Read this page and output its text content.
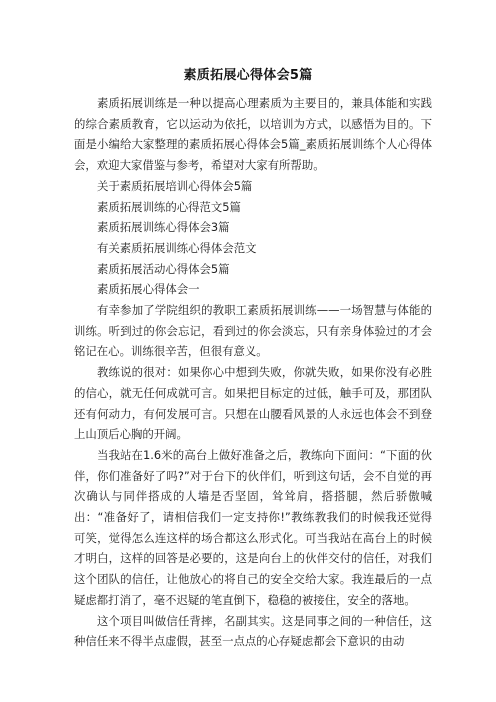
素质拓展心得体会5篇

素质拓展训练是一种以提高心理素质为主要目的，兼具体能和实践的综合素质教育，它以运动为依托，以培训为方式，以感悟为目的。下面是小编给大家整理的素质拓展心得体会5篇_素质拓展训练个人心得体会，欢迎大家借鉴与参考，希望对大家有所帮助。

关于素质拓展培训心得体会5篇
素质拓展训练的心得范文5篇
素质拓展训练心得体会3篇
有关素质拓展训练心得体会范文
素质拓展活动心得体会5篇
素质拓展心得体会一

有幸参加了学院组织的教职工素质拓展训练——一场智慧与体能的训练。听到过的你会忘记，看到过的你会淡忘，只有亲身体验过的才会铭记在心。训练很辛苦，但很有意义。

教练说的很对：如果你心中想到失败，你就失败，如果你没有必胜的信心，就无任何成就可言。如果把目标定的过低，触手可及，那团队还有何动力，有何发展可言。只想在山腰看风景的人永远也体会不到登上山顶后心胸的开阔。

当我站在1.6米的高台上做好准备之后，教练向下面问：“下面的伙伴，你们准备好了吗?”对于台下的伙伴们，听到这句话，会不自觉的再次确认与同伴搭成的人墙是否坚固，耸耸肩，搭搭腿，然后骄傲喊出：“准备好了，请相信我们一定支持你!”教练教我们的时候我还觉得可笑，觉得怎么连这样的场合都这么形式化。可当我站在高台上的时候才明白，这样的回答是必要的，这是向台上的伙伴交付的信任，对我们这个团队的信任，让他放心的将自己的安全交给大家。我连最后的一点疑虑都打消了，毫不迟疑的笔直倒下，稳稳的被接住，安全的落地。

这个项目叫做信任背摔，名副其实。这是同事之间的一种信任，这种信任来不得半点虚假，甚至一点点的心存疑虑都会下意识的由动
